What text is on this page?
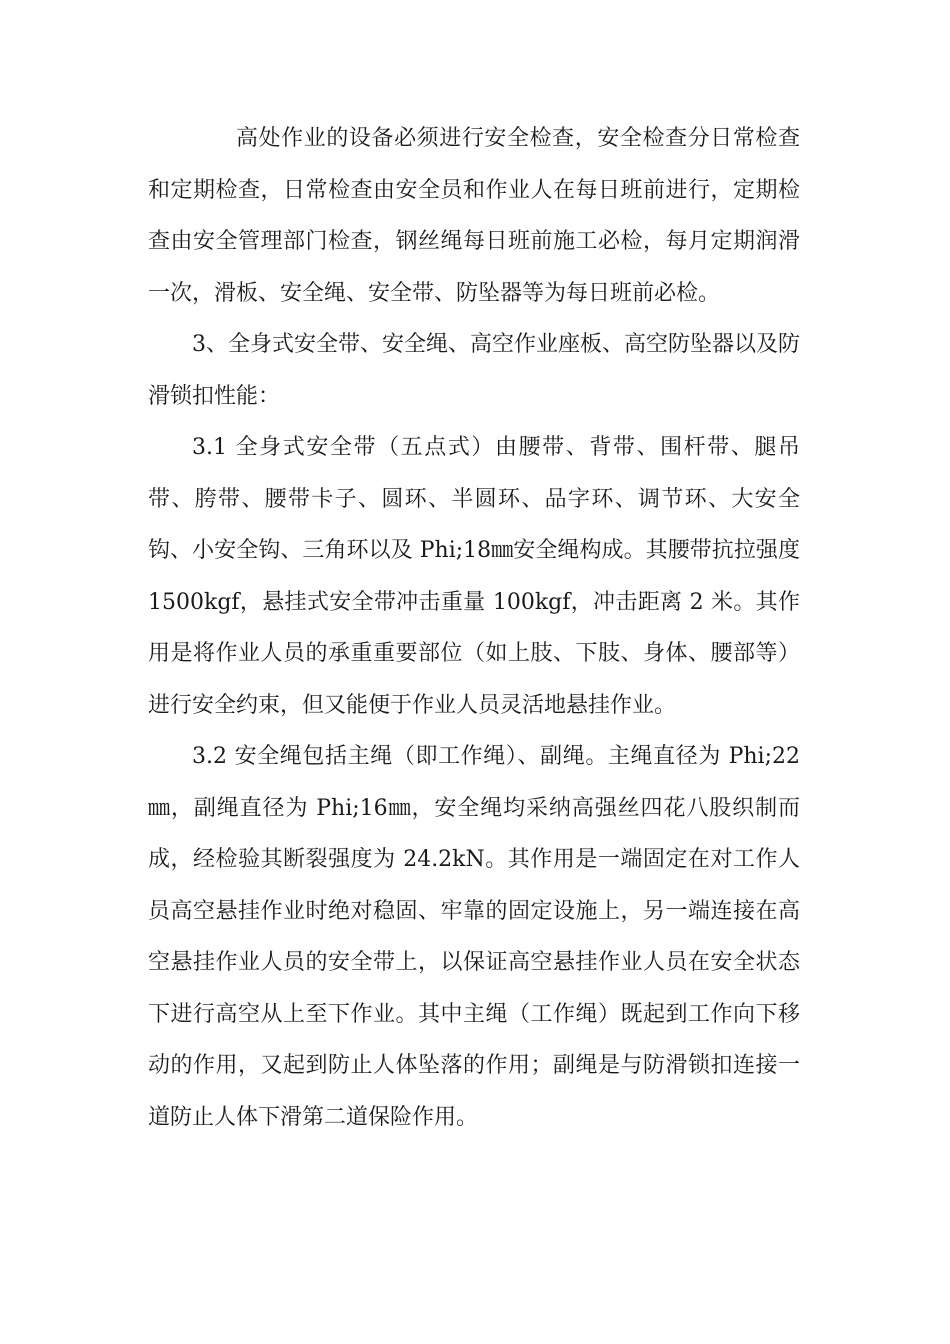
高处作业的设备必须进行安全检查，安全检查分日常检查和定期检查，日常检查由安全员和作业人在每日班前进行，定期检查由安全管理部门检查，钢丝绳每日班前施工必检，每月定期润滑一次，滑板、安全绳、安全带、防坠器等为每日班前必检。

3、全身式安全带、安全绳、高空作业座板、高空防坠器以及防滑锁扣性能：

3.1 全身式安全带（五点式）由腰带、背带、围杆带、腿吊带、胯带、腰带卡子、圆环、半圆环、品字环、调节环、大安全钩、小安全钩、三角环以及 Phi;18㎜安全绳构成。其腰带抗拉强度 1500kgf，悬挂式安全带冲击重量 100kgf，冲击距离 2 米。其作用是将作业人员的承重重要部位（如上肢、下肢、身体、腰部等）进行安全约束，但又能便于作业人员灵活地悬挂作业。

3.2 安全绳包括主绳（即工作绳）、副绳。主绳直径为 Phi;22 ㎜，副绳直径为 Phi;16㎜，安全绳均采纳高强丝四花八股织制而成，经检验其断裂强度为 24.2kN。其作用是一端固定在对工作人员高空悬挂作业时绝对稳固、牢靠的固定设施上，另一端连接在高空悬挂作业人员的安全带上，以保证高空悬挂作业人员在安全状态下进行高空从上至下作业。其中主绳（工作绳）既起到工作向下移动的作用，又起到防止人体坠落的作用；副绳是与防滑锁扣连接一道防止人体下滑第二道保险作用。
